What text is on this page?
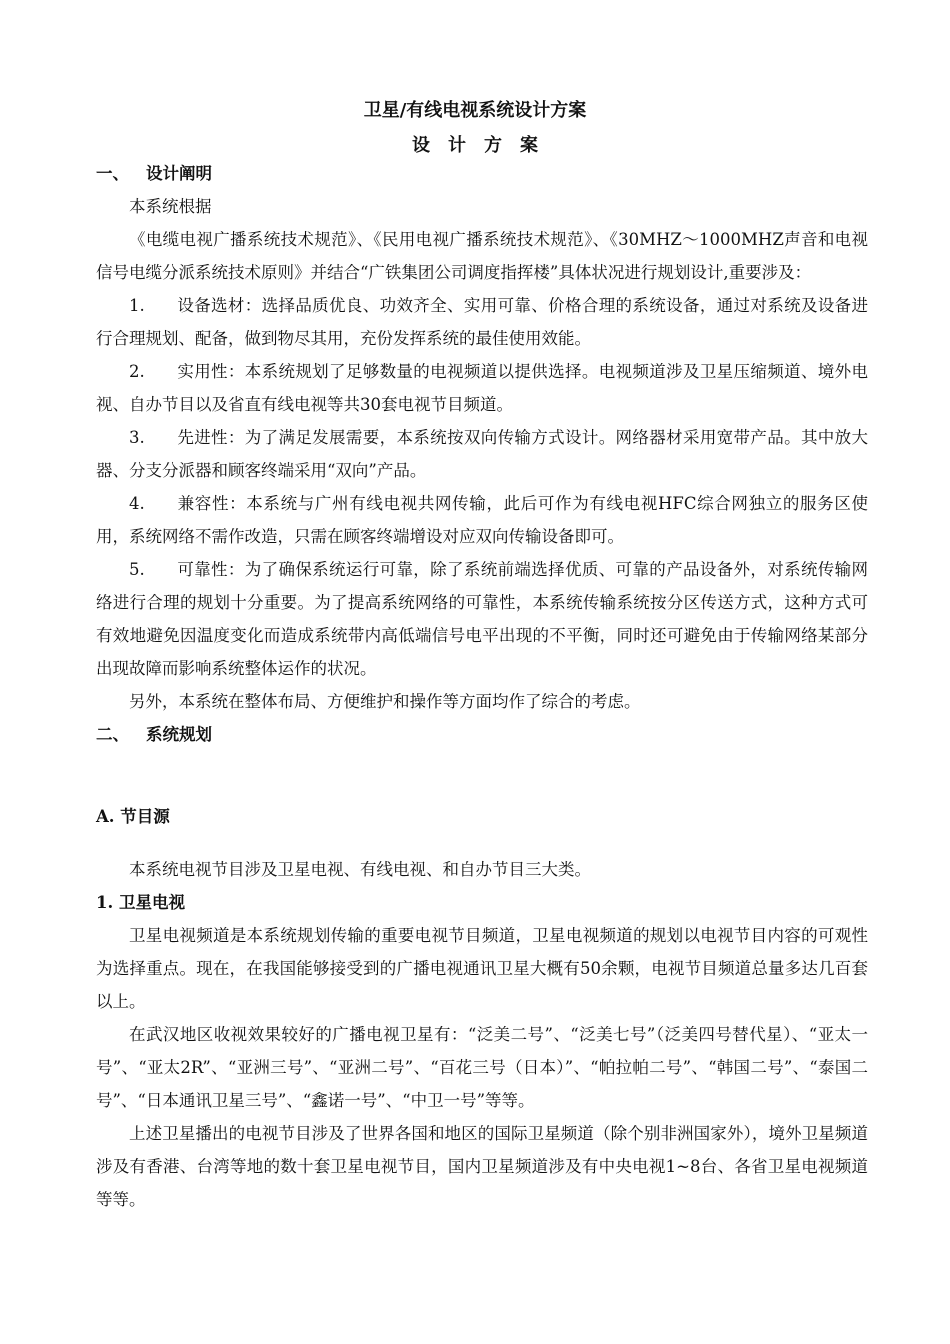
卫星/有线电视系统设计方案
设计方案

一、 设计阐明

本系统根据

《电缆电视广播系统技术规范》、《民用电视广播系统技术规范》、《30MHZ～1000MHZ声音和电视信号电缆分派系统技术原则》并结合“广铁集团公司调度指挥楼”具体状况进行规划设计,重要涉及：

1. 设备选材：选择品质优良、功效齐全、实用可靠、价格合理的系统设备，通过对系统及设备进行合理规划、配备，做到物尽其用，充份发挥系统的最佳使用效能。

2. 实用性：本系统规划了足够数量的电视频道以提供选择。电视频道涉及卫星压缩频道、境外电视、自办节目以及省直有线电视等共30套电视节目频道。

3. 先进性：为了满足发展需要，本系统按双向传输方式设计。网络器材采用宽带产品。其中放大器、分支分派器和顾客终端采用“双向”产品。

4. 兼容性：本系统与广州有线电视共网传输，此后可作为有线电视HFC综合网独立的服务区使用，系统网络不需作改造，只需在顾客终端增设对应双向传输设备即可。

5. 可靠性：为了确保系统运行可靠，除了系统前端选择优质、可靠的产品设备外，对系统传输网络进行合理的规划十分重要。为了提高系统网络的可靠性，本系统传输系统按分区传送方式，这种方式可有效地避免因温度变化而造成系统带内高低端信号电平出现的不平衡，同时还可避免由于传输网络某部分出现故障而影响系统整体运作的状况。

另外，本系统在整体布局、方便维护和操作等方面均作了综合的考虑。

二、 系统规划

A. 节目源

本系统电视节目涉及卫星电视、有线电视、和自办节目三大类。

1. 卫星电视

卫星电视频道是本系统规划传输的重要电视节目频道，卫星电视频道的规划以电视节目内容的可观性为选择重点。现在，在我国能够接受到的广播电视通讯卫星大概有50余颗，电视节目频道总量多达几百套以上。

在武汉地区收视效果较好的广播电视卫星有：“泛美二号”、“泛美七号”（泛美四号替代星）、“亚太一号”、“亚太2R”、“亚洲三号”、“亚洲二号”、“百花三号（日本）”、“帕拉帕二号”、“韩国二号”、“泰国二号”、“日本通讯卫星三号”、“鑫诺一号”、“中卫一号”等等。

上述卫星播出的电视节目涉及了世界各国和地区的国际卫星频道（除个别非洲国家外），境外卫星频道涉及有香港、台湾等地的数十套卫星电视节目，国内卫星频道涉及有中央电视1~8台、各省卫星电视频道等等。
